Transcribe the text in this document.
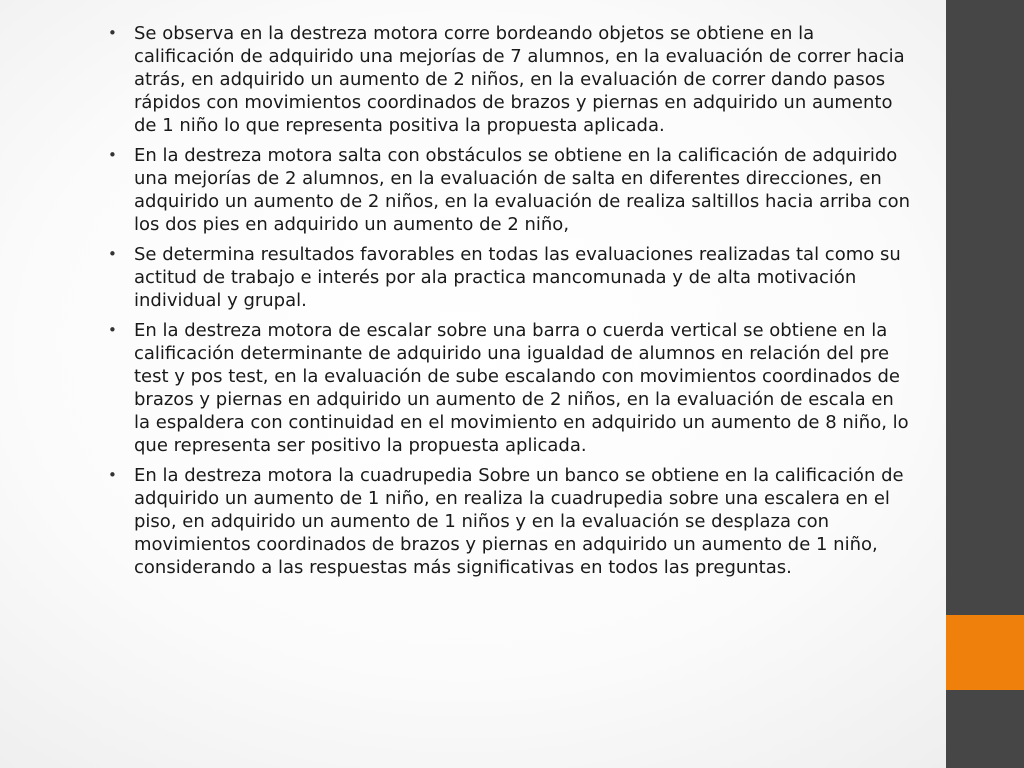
• Se observa en la destreza motora corre bordeando objetos se obtiene en la calificación de adquirido una mejorías de 7 alumnos, en la evaluación de correr hacia atrás, en adquirido un aumento de 2 niños, en la evaluación de correr dando pasos rápidos con movimientos coordinados de brazos y piernas en adquirido un aumento de 1 niño lo que representa positiva la propuesta aplicada.
• En la destreza motora salta con obstáculos se obtiene en la calificación de adquirido una mejorías de 2 alumnos, en la evaluación de salta en diferentes direcciones, en adquirido un aumento de 2 niños, en la evaluación de realiza saltillos hacia arriba con los dos pies en adquirido un aumento de 2 niño,
• Se determina resultados favorables en todas las evaluaciones realizadas tal como su actitud de trabajo e interés por ala practica mancomunada y de alta motivación individual y grupal.
• En la destreza motora de escalar sobre una barra o cuerda vertical se obtiene en la calificación determinante de adquirido una igualdad de alumnos en relación del pre test y pos test, en la evaluación de sube escalando con movimientos coordinados de brazos y piernas en adquirido un aumento de 2 niños, en la evaluación de escala en la espaldera con continuidad en el movimiento en adquirido un aumento de 8 niño, lo que representa ser positivo la propuesta aplicada.
• En la destreza motora la cuadrupedia Sobre un banco se obtiene en la calificación de adquirido un aumento de 1 niño, en realiza la cuadrupedia sobre una escalera en el piso, en adquirido un aumento de 1 niños y en la evaluación se desplaza con movimientos coordinados de brazos y piernas en adquirido un aumento de 1 niño, considerando a las respuestas más significativas en todos las preguntas.
